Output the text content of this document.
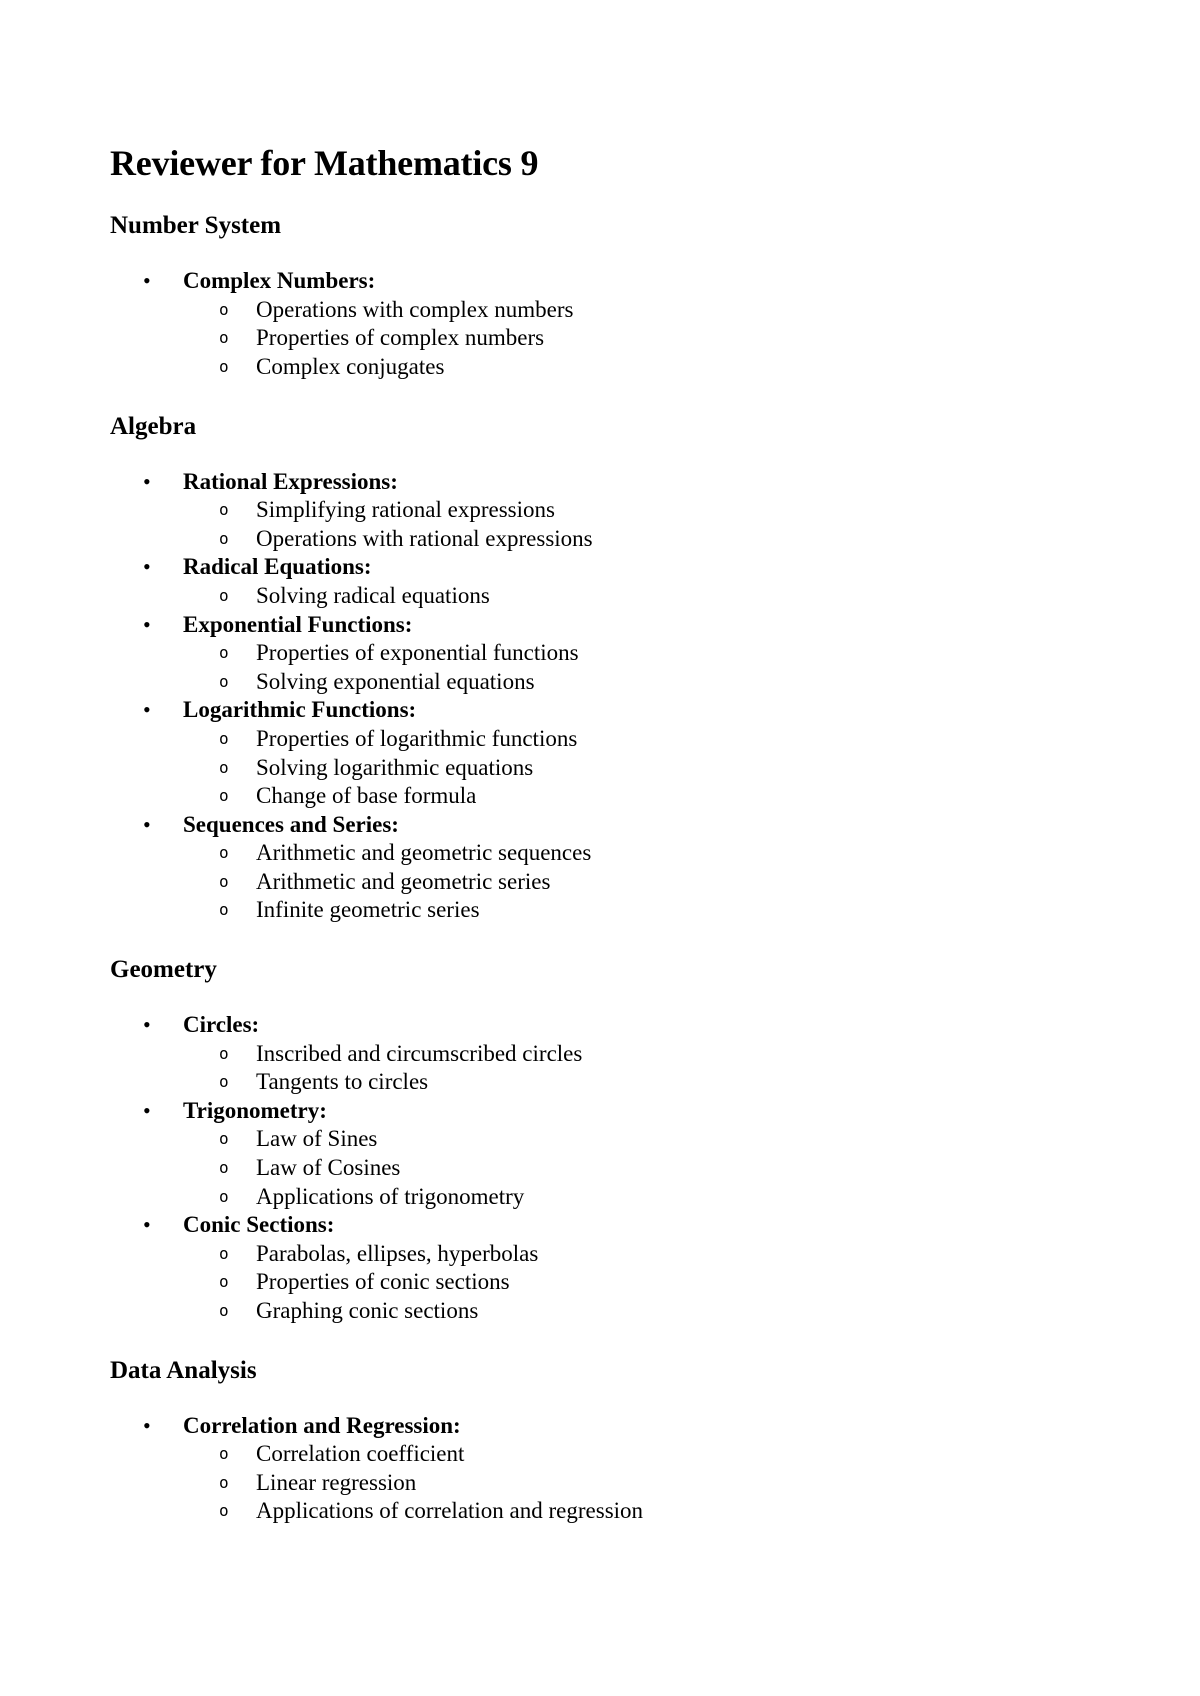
Reviewer for Mathematics 9
Number System
• Complex Numbers:
o Operations with complex numbers
o Properties of complex numbers
o Complex conjugates
Algebra
• Rational Expressions:
o Simplifying rational expressions
o Operations with rational expressions
• Radical Equations:
o Solving radical equations
• Exponential Functions:
o Properties of exponential functions
o Solving exponential equations
• Logarithmic Functions:
o Properties of logarithmic functions
o Solving logarithmic equations
o Change of base formula
• Sequences and Series:
o Arithmetic and geometric sequences
o Arithmetic and geometric series
o Infinite geometric series
Geometry
• Circles:
o Inscribed and circumscribed circles
o Tangents to circles
• Trigonometry:
o Law of Sines
o Law of Cosines
o Applications of trigonometry
• Conic Sections:
o Parabolas, ellipses, hyperbolas
o Properties of conic sections
o Graphing conic sections
Data Analysis
• Correlation and Regression:
o Correlation coefficient
o Linear regression
o Applications of correlation and regression
